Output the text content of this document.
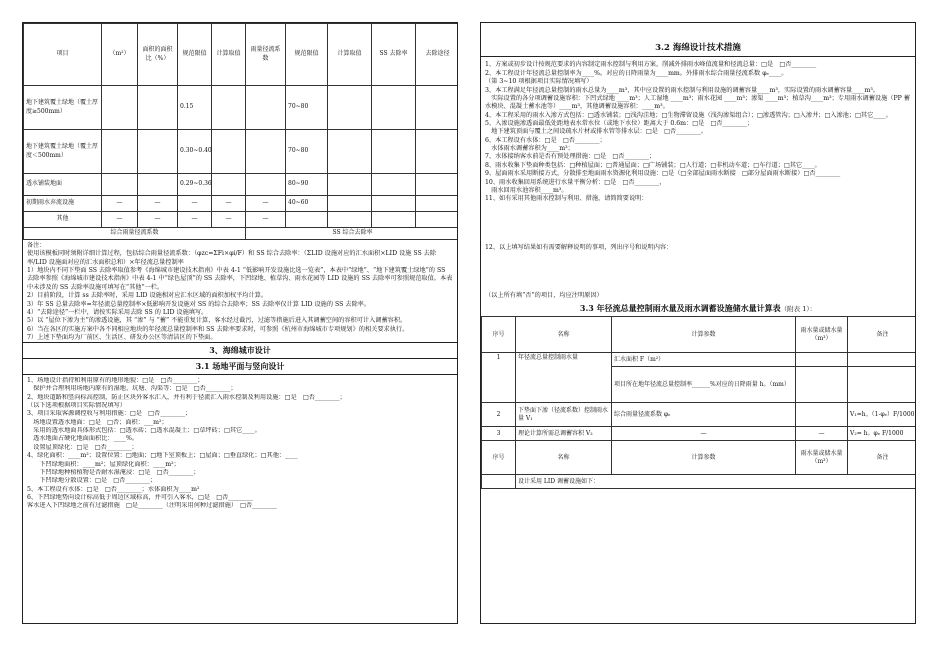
项目	（m²）	面积的面积比（%）	规范限值	计算取值	雨量径流系数	规范限值	计算取值	SS 去除率	去除途径
地下建筑覆土绿地（覆土厚度≥500mm）			0.15			70~80			
地下建筑覆土绿地（覆土厚度＜500mm）			0.30~0.40			70~80			
透水铺装地面			0.29~0.36			80~90			
初期雨水弃流设施	—	—	—	—	—	40~60			
其他	—	—	—	—	—				
综合雨量径流系数					SS 综合去除率				
备注：
使用该模板同时须附详细计算过程，包括综合雨量径流系数：（φzc=ΣFi×φi/F）和 SS 综合去除率：（ΣLID 设施对应的汇水面积×LID 设施 SS 去除率/LID 设施面对应的汇水面积总和）×年径流总量控制率
1）地块内不同下垫面 SS 去除率取值参考《海绵城市建设技术指南》中表 4-1 “低影响开发设施比选一览表”，本表中“绿地”、“地下建筑覆土绿地”的 SS 去除率参照《海绵城市建设技术指南》中表 4-1 中“绿色屋顶”的 SS 去除率，下凹绿地、植草沟、雨水花园等 LID 设施的 SS 去除率可参照规范取值。本表中未涉及的 SS 去除率设施可填写在“其他”一栏。
2）目前阶段，计算 ss 去除率时，采用 LID 设施相对应汇水区域的面积加权平均计算。
3）年 SS 总量去除率=年径流总量控制率×低影响开发设施对 SS 的综合去除率；SS 去除率仅计算 LID 设施的 SS 去除率。
4）“去除途径”一栏中，请按实际采用去除 SS 的 LID 设施填写。
5）以 “屋位下渗为主”的渗透设施，其 “渗” 与 “蓄” 不能重复计算，客水经过截污，过滤等措施后进入其调蓄空间的容积可计入调蓄容积。
6）当在各区的实施方案中各不同相应地块的年径流总量控制率和 SS 去除率要求时，可参照《杭州市海绵城市专项规划》的相关要求执行。
7）上述下垫面均为厂前区、生活区、研发办公区等清洁区的下垫面。
3、海绵城市设计
3.1 场地平面与竖向设计
1、场地设计指持和利用原有的地形地貌：□是　□否________；
　保护并合理利用场地内原有的湿地、坑塘、沟渠等：□是　□否________；
2、地块道路和竖向标高控制，防止区块外客水汇入，并有利于径流汇入雨水控制及利用设施：□是　□否________；
（以下选项根据项目实际情况填写）
3、项目采取客源调控收与利用措施：□是　□否________；
　场地设置透水地面：□是　□否；面积：___m²；
　采用的透水地面具体形式包括：□透水砖；□透水混凝土；□草坪砖；□其它____。
　透水地面占硬化地面面积比：____%。
　设置屋顶绿化：□是　□否________；
4、绿化面积：____m²；设置位置：□地面；□地下室顶板上；□屋面；□垂直绿化；□其他：____
　　下凹绿地面积：____m²；屋顶绿化面积：____m²；
　　下凹绿地种植植物是否耐水湿淹浸：□是　□否________；
　　下凹绿地分散设置：□是　□否________；
5、本工程设有水体：□是　□否________；水体面积为____m²
6、下凹绿地势向设计标高低于周边区域标高，并可引入客水，□是　□否________
客水进入下凹绿地之前有过滤措施　□是________（注明采用何种过滤措施）　□否________
3.2 海绵设计技术措施
1、方案或初步设计按规范要求的内容制定雨水控制与利用方案，削减外排雨水峰值流量和径流总量：□是　□否________
2、本工程设计年径流总量控制率为____%。对应的日降雨量为____mm。外排雨水综合雨量径流系数 φₑ____。
（第 3~10 项根据项目实际情况填写）
3、本工程满足年径流总量控制的雨水总量为____m³，其中应设置的雨水控制与利用设施的调蓄容量____m³，实际设置的雨水调蓄容量____m³。
　实际设置的各分项调蓄设施容积：下凹式绿地 ____m³；人工湿地 ____m³；雨水花园 ____m³；渗渠 ____m³；植草沟____m³；专用雨水调蓄设施（PP 蓄水模块、混凝土蓄水池等）____m³，其他调蓄设施容积：____m³。
4、本工程采用的雨水入渗方式包括：□透水铺装；□浅沟洼地；□生物滞留设施（浅沟渗渠组合）；□渗透管沟；□入渗井；□入渗池；□其它____。
5、入渗设施渗透面最低处距地表水常水位（或地下水位）距离大于 0.6m：□是　□否________；
　地下建筑顶面与覆土之间设疏水片材或排水管等排水层：□是　□否________。
6、本工程设有水体：□是　□否________；
　水体雨水调蓄容积为____m³；
7、水体接纳客水前是否有预处理措施：□是　□否________；
8、雨水收集下垫面种类包括：□种植屋面；□普通屋面；□广场铺装；□人行道；□非机动车道；□车行道；□其它____。
9、屋面雨水采用断接方式，分散排至地面雨水资源化利用设施：□是（□全部屋面雨水断接　□部分屋面雨水断接）□否________
10、雨水收集回用系统进行水量平衡分析：□是　□否________，
　雨水回用水池容积____m³。
11、如有采用其他雨水控制与利用、措施，请简简要说明：
12、以上填写结果如有需要解释说明的事项，列出序号和说明内容：
（以上所有填“否”的项目，均应注明原因）
3.3 年径流总量控制雨水量及雨水调蓄设施储水量计算表（附表 1）：
序号	名称	计算参数	雨水量或储水量（m³）	备注
1	年径流总量控制雨水量	汇水面积 F（m²）		
		项目所在地年径流总量控制率______%对应的日降雨量 h。（mm）		
2	下垫面下渗（径流系数）控制雨水量 V₁	综合雨量径流系数 φₑ		V₁=h。（1-φₑ）F/1000
3	理论计算所需总调蓄容积 V₂	—	—	V₂= h。φₑ F/1000
序号	名称	计算参数	雨水量或储水量（m³）	备注
	设计采用 LID 调蓄设施如下：			
